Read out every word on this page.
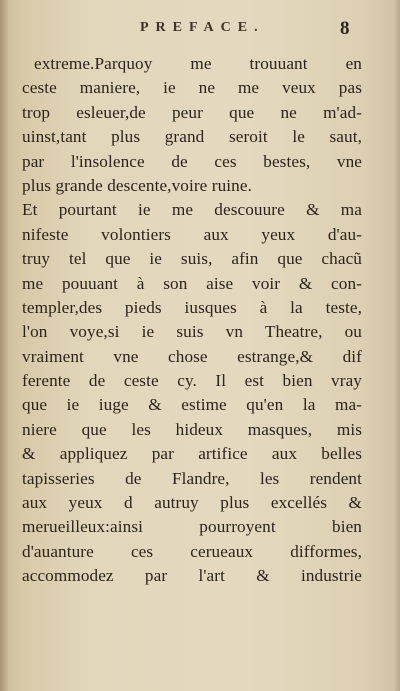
PREFACE.	8
extreme.Parquoy me trouuant en
ceste maniere, ie ne me veux pas
trop esleuer,de peur que ne m'ad-
uinst,tant plus grand seroit le saut,
par l'insolence de ces bestes, vne
plus grande descente,voire ruine.
Et pourtant ie me descouure & ma
nifeste volontiers aux yeux d'au-
truy tel que ie suis, afin que chacũ
me pouuant à son aise voir & con-
templer,des pieds iusques à la teste,
l'on voye,si ie suis vn Theatre, ou
vraiment vne chose estrange,& dif
ferente de ceste cy. Il est bien vray
que ie iuge & estime qu'en la ma-
niere que les hideux masques, mis
& appliquez par artifice aux belles
tapisseries de Flandre, les rendent
aux yeux d autruy plus excellés &
merueilleux:ainsi pourroyent bien
d'auanture ces cerueaux difformes,
accommodez par l'art & industrie
